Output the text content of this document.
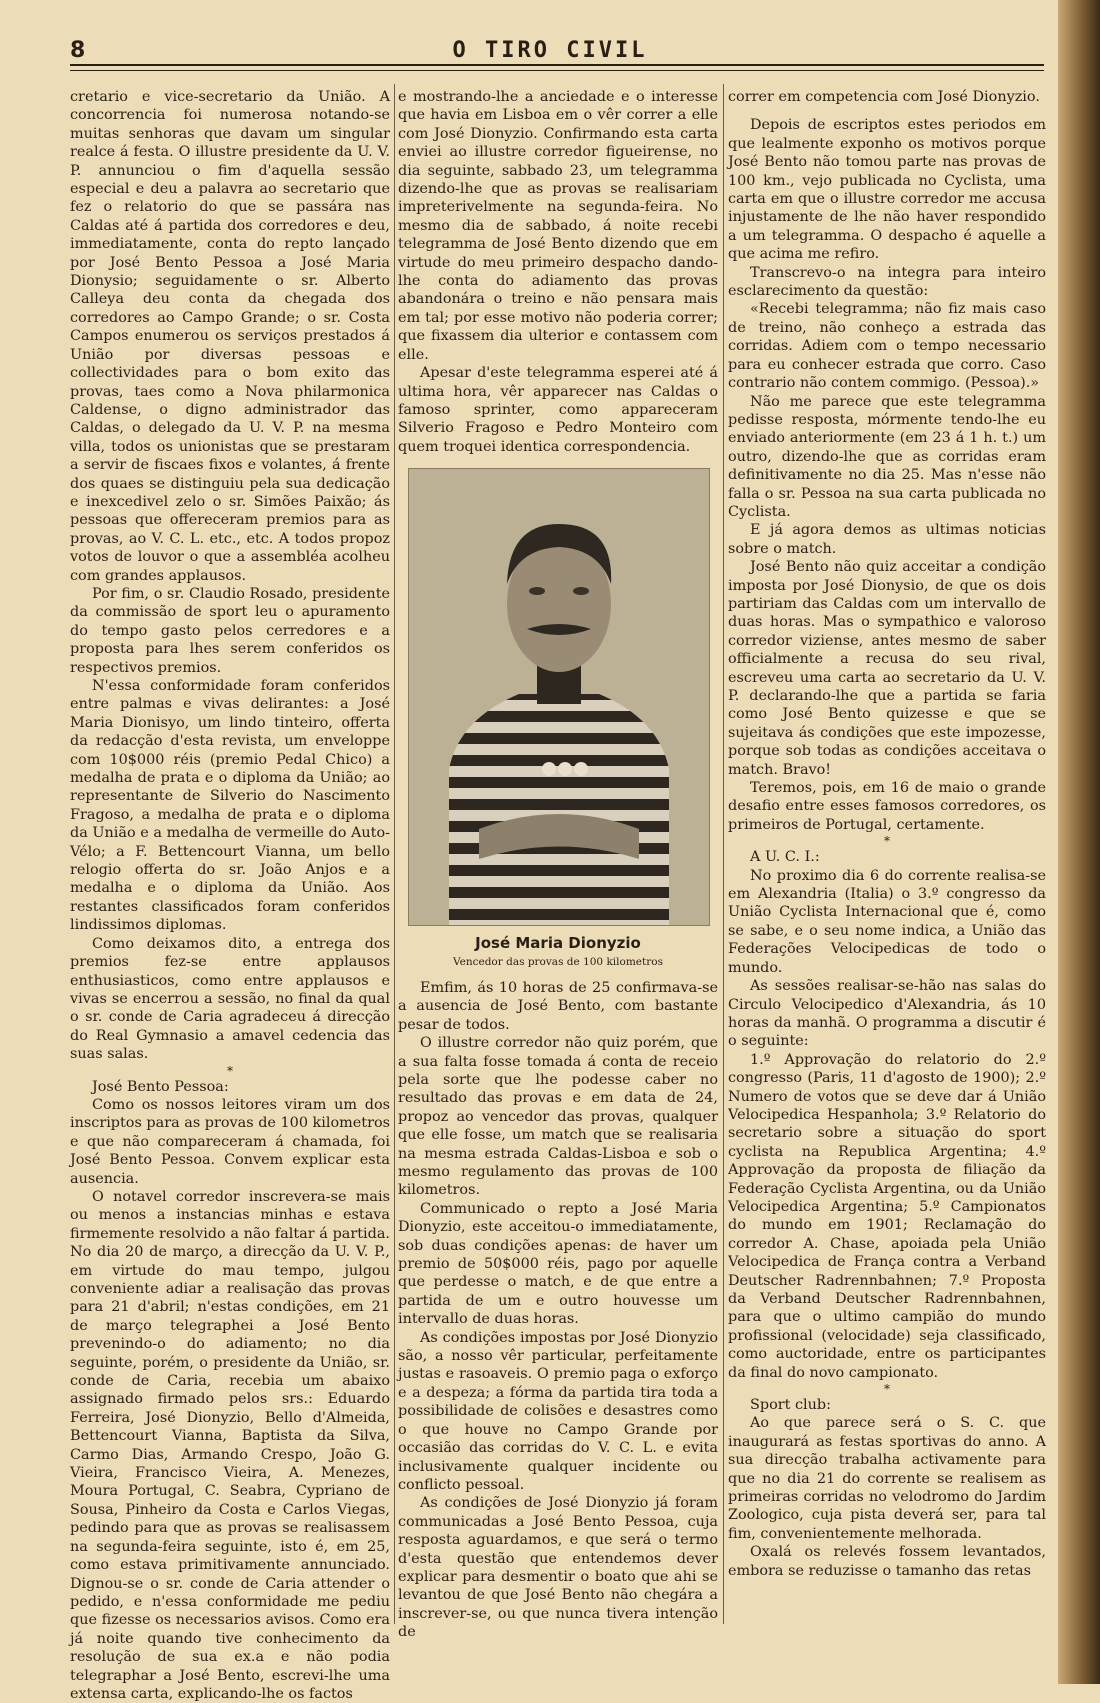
8	O TIRO CIVIL

cretario e vice-secretario da União. A concorrencia foi numerosa notando-se muitas senhoras que davam um singular realce á festa. O illustre presidente da U. V. P. annunciou o fim d'aquella sessão especial e deu a palavra ao secretario que fez o relatorio do que se passára nas Caldas até á partida dos corredores e deu, immediatamente, conta do repto lançado por José Bento Pessoa a José Maria Dionysio; seguidamente o sr. Alberto Calleya deu conta da chegada dos corredores ao Campo Grande; o sr. Costa Campos enumerou os serviços prestados á União por diversas pessoas e collectividades para o bom exito das provas, taes como a Nova philarmonica Caldense, o digno administrador das Caldas, o delegado da U. V. P. na mesma villa, todos os unionistas que se prestaram a servir de fiscaes fixos e volantes, á frente dos quaes se distinguiu pela sua dedicação e inexcedivel zelo o sr. Simões Paixão; ás pessoas que offereceram premios para as provas, ao V. C. L. etc., etc. A todos propoz votos de louvor o que a assembléa acolheu com grandes applausos.

Por fim, o sr. Claudio Rosado, presidente da commissão de sport leu o apuramento do tempo gasto pelos cerredores e a proposta para lhes serem conferidos os respectivos premios.

N'essa conformidade foram conferidos entre palmas e vivas delirantes: a José Maria Dionisyo, um lindo tinteiro, offerta da redacção d'esta revista, um enveloppe com 10$000 réis (premio Pedal Chico) a medalha de prata e o diploma da União; ao representante de Silverio do Nascimento Fragoso, a medalha de prata e o diploma da União e a medalha de vermeille do Auto-Vélo; a F. Bettencourt Vianna, um bello relogio offerta do sr. João Anjos e a medalha e o diploma da União. Aos restantes classificados foram conferidos lindissimos diplomas.

Como deixamos dito, a entrega dos premios fez-se entre applausos enthusiasticos, como entre applausos e vivas se encerrou a sessão, no final da qual o sr. conde de Caria agradeceu á direcção do Real Gymnasio a amavel cedencia das suas salas.

*

José Bento Pessoa:

Como os nossos leitores viram um dos inscriptos para as provas de 100 kilometros e que não compareceram á chamada, foi José Bento Pessoa. Convem explicar esta ausencia.

O notavel corredor inscrevera-se mais ou menos a instancias minhas e estava firmemente resolvido a não faltar á partida. No dia 20 de março, a direcção da U. V. P., em virtude do mau tempo, julgou conveniente adiar a realisação das provas para 21 d'abril; n'estas condições, em 21 de março telegraphei a José Bento prevenindo-o do adiamento; no dia seguinte, porém, o presidente da União, sr. conde de Caria, recebia um abaixo assignado firmado pelos srs.: Eduardo Ferreira, José Dionyzio, Bello d'Almeida, Bettencourt Vianna, Baptista da Silva, Carmo Dias, Armando Crespo, João G. Vieira, Francisco Vieira, A. Menezes, Moura Portugal, C. Seabra, Cypriano de Sousa, Pinheiro da Costa e Carlos Viegas, pedindo para que as provas se realisassem na segunda-feira seguinte, isto é, em 25, como estava primitivamente annunciado. Dignou-se o sr. conde de Caria attender o pedido, e n'essa conformidade me pediu que fizesse os necessarios avisos. Como era já noite quando tive conhecimento da resolução de sua ex.a e não podia telegraphar a José Bento, escrevi-lhe uma extensa carta, explicando-lhe os factos

e mostrando-lhe a anciedade e o interesse que havia em Lisboa em o vêr correr a elle com José Dionyzio. Confirmando esta carta enviei ao illustre corredor figueirense, no dia seguinte, sabbado 23, um telegramma dizendo-lhe que as provas se realisariam impreterivelmente na segunda-feira. No mesmo dia de sabbado, á noite recebi telegramma de José Bento dizendo que em virtude do meu primeiro despacho dando-lhe conta do adiamento das provas abandonára o treino e não pensara mais em tal; por esse motivo não poderia correr; que fixassem dia ulterior e contassem com elle.

Apesar d'este telegramma esperei até á ultima hora, vêr apparecer nas Caldas o famoso sprinter, como appareceram Silverio Fragoso e Pedro Monteiro com quem troquei identica correspondencia.

José Maria Dionyzio
Vencedor das provas de 100 kilometros

Emfim, ás 10 horas de 25 confirmava-se a ausencia de José Bento, com bastante pesar de todos.

O illustre corredor não quiz porém, que a sua falta fosse tomada á conta de receio pela sorte que lhe podesse caber no resultado das provas e em data de 24, propoz ao vencedor das provas, qualquer que elle fosse, um match que se realisaria na mesma estrada Caldas-Lisboa e sob o mesmo regulamento das provas de 100 kilometros.

Communicado o repto a José Maria Dionyzio, este acceitou-o immediatamente, sob duas condições apenas: de haver um premio de 50$000 réis, pago por aquelle que perdesse o match, e de que entre a partida de um e outro houvesse um intervallo de duas horas.

As condições impostas por José Dionyzio são, a nosso vêr particular, perfeitamente justas e rasoaveis. O premio paga o exforço e a despeza; a fórma da partida tira toda a possibilidade de colisões e desastres como o que houve no Campo Grande por occasião das corridas do V. C. L. e evita inclusivamente qualquer incidente ou conflicto pessoal.

As condições de José Dionyzio já foram communicadas a José Bento Pessoa, cuja resposta aguardamos, e que será o termo d'esta questão que entendemos dever explicar para desmentir o boato que ahi se levantou de que José Bento não chegára a inscrever-se, ou que nunca tivera intenção de

correr em competencia com José Dionyzio.

Depois de escriptos estes periodos em que lealmente exponho os motivos porque José Bento não tomou parte nas provas de 100 km., vejo publicada no Cyclista, uma carta em que o illustre corredor me accusa injustamente de lhe não haver respondido a um telegramma. O despacho é aquelle a que acima me refiro.

Transcrevo-o na integra para inteiro esclarecimento da questão:

«Recebi telegramma; não fiz mais caso de treino, não conheço a estrada das corridas. Adiem com o tempo necessario para eu conhecer estrada que corro. Caso contrario não contem commigo. (Pessoa).»

Não me parece que este telegramma pedisse resposta, mórmente tendo-lhe eu enviado anteriormente (em 23 á 1 h. t.) um outro, dizendo-lhe que as corridas eram definitivamente no dia 25. Mas n'esse não falla o sr. Pessoa na sua carta publicada no Cyclista.

E já agora demos as ultimas noticias sobre o match.

José Bento não quiz acceitar a condição imposta por José Dionysio, de que os dois partiriam das Caldas com um intervallo de duas horas. Mas o sympathico e valoroso corredor viziense, antes mesmo de saber officialmente a recusa do seu rival, escreveu uma carta ao secretario da U. V. P. declarando-lhe que a partida se faria como José Bento quizesse e que se sujeitava ás condições que este impozesse, porque sob todas as condições acceitava o match. Bravo!

Teremos, pois, em 16 de maio o grande desafio entre esses famosos corredores, os primeiros de Portugal, certamente.

*

A U. C. I.:

No proximo dia 6 do corrente realisa-se em Alexandria (Italia) o 3.º congresso da União Cyclista Internacional que é, como se sabe, e o seu nome indica, a União das Federações Velocipedicas de todo o mundo.

As sessões realisar-se-hão nas salas do Circulo Velocipedico d'Alexandria, ás 10 horas da manhã. O programma a discutir é o seguinte:

1.º Approvação do relatorio do 2.º congresso (Paris, 11 d'agosto de 1900); 2.º Numero de votos que se deve dar á União Velocipedica Hespanhola; 3.º Relatorio do secretario sobre a situação do sport cyclista na Republica Argentina; 4.º Approvação da proposta de filiação da Federação Cyclista Argentina, ou da União Velocipedica Argentina; 5.º Campionatos do mundo em 1901; Reclamação do corredor A. Chase, apoiada pela União Velocipedica de França contra a Verband Deutscher Radrennbahnen; 7.º Proposta da Verband Deutscher Radrennbahnen, para que o ultimo campião do mundo profissional (velocidade) seja classificado, como auctoridade, entre os participantes da final do novo campionato.

*

Sport club:

Ao que parece será o S. C. que inaugurará as festas sportivas do anno. A sua direcção trabalha activamente para que no dia 21 do corrente se realisem as primeiras corridas no velodromo do Jardim Zoologico, cuja pista deverá ser, para tal fim, convenientemente melhorada.

Oxalá os relevés fossem levantados, embora se reduzisse o tamanho das retas
